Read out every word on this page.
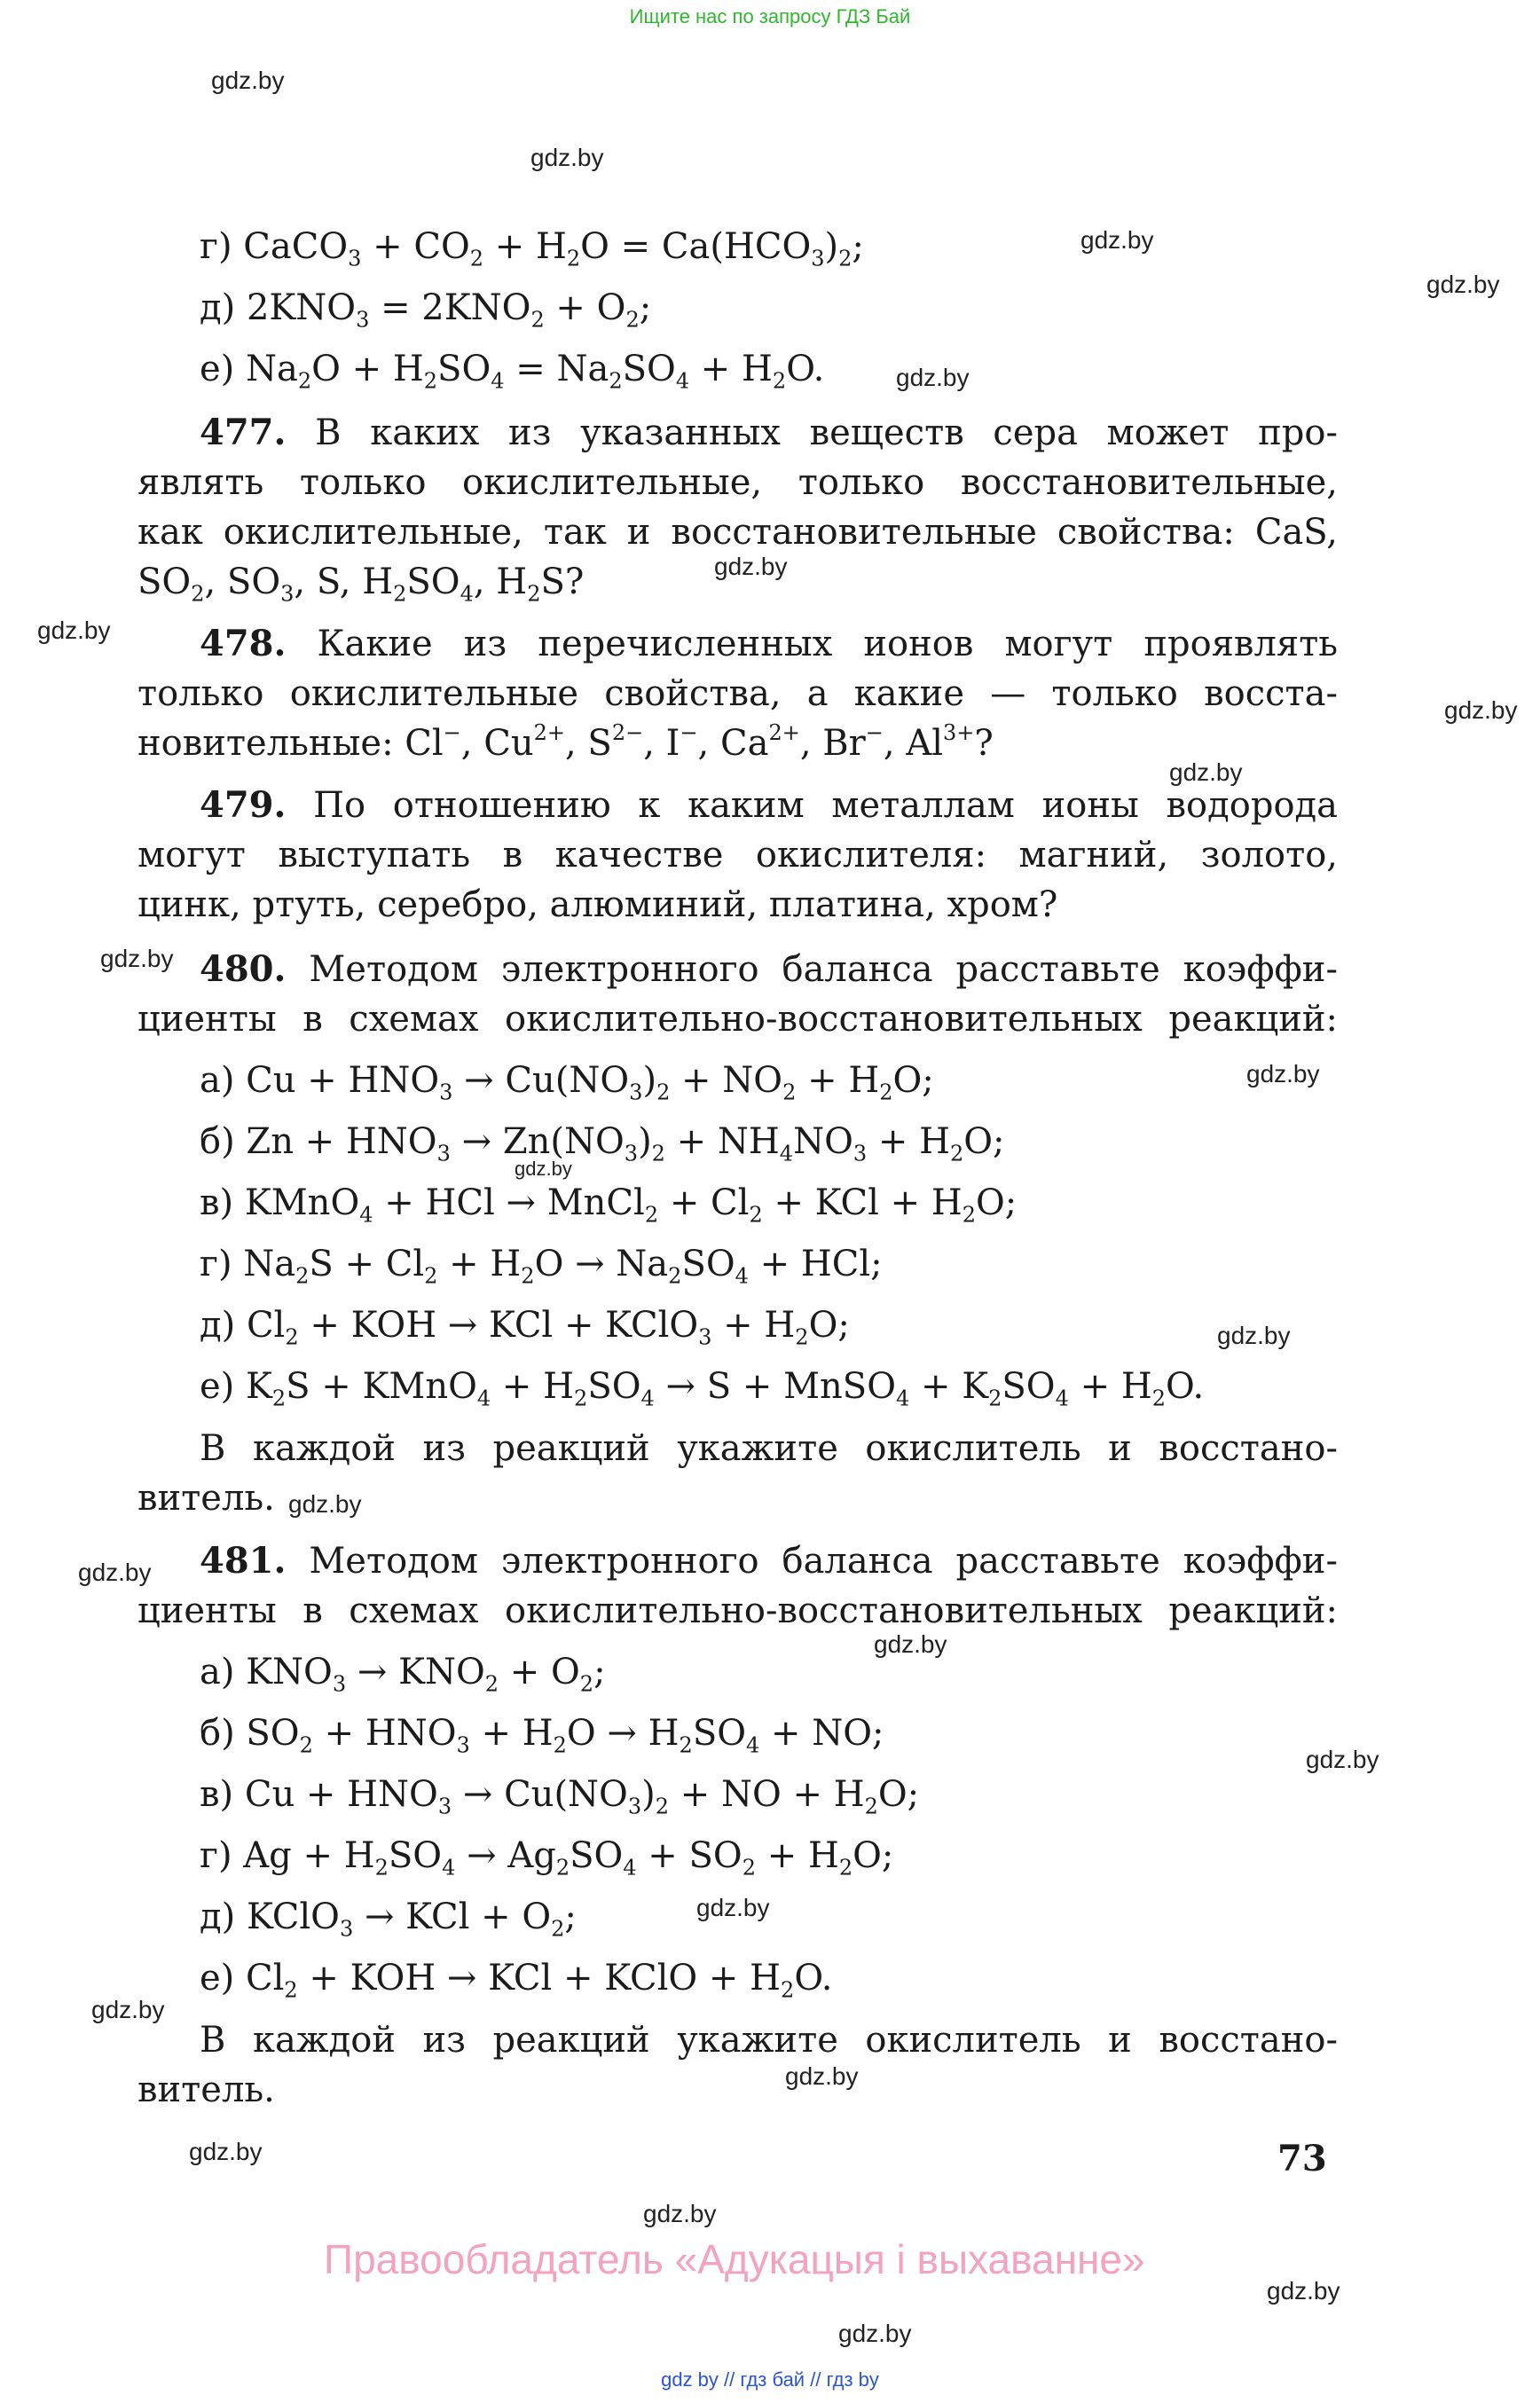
Ищите нас по запросу ГДЗ Бай
gdz.by
gdz.by
gdz.by
gdz.by
gdz.by
gdz.by
gdz.by
gdz.by
gdz.by
gdz.by
gdz.by
gdz.by
gdz.by
gdz.by
gdz.by
gdz.by
gdz.by
gdz.by
gdz.by
gdz.by
gdz.by
gdz.by
gdz.by
gdz.by
г) CaCO$_3$ + $CO_2 + H_2O = Ca(HCO_3)_2$;
д) $2KNO_3 = 2KNO_2 + O_2$;
е) $Na_2O + H_2SO_4 = Na_2SO_4 + H_2O$.
477. В каких из указанных веществ сера может про-
являть только окислительные, только восстановительные,
как окислительные, так и восстановительные свойства: CaS,
$SO_2$, $SO_3$, S, $H_2SO_4$, $H_2S$?
478. Какие из перечисленных ионов могут проявлять
только окислительные свойства, а какие — только восста-
новительные: Cl−, $Cu^{2+}$, $S^{2-}$, I−, $Ca^{2+}$, Br−, $Al^{3+}$?
479. По отношению к каким металлам ионы водорода
могут выступать в качестве окислителя: магний, золото,
цинк, ртуть, серебро, алюминий, платина, хром?
480. Методом электронного баланса расставьте коэффи-
циенты в схемах окислительно-восстановительных реакций:
а) $Cu + HNO_3 \to Cu(NO_3)_2 + NO_2 + H_2O$;
б) $Zn + HNO_3 \to Zn(NO_3)_2 + NH_4NO_3 + H_2O$;
в) KMnO$_4$ + HCl → MnCl$_2$ + $Cl_2$ + KCl + $H_2O$;
г) $Na_2S + Cl_2 + H_2O \to Na_2SO_4$ + HCl;
д) $Cl_2$ + KOH → KCl + KClO$_3$ + $H_2O$;
е) $K_2S$ + KMnO$_4$ + $H_2SO_4 \to S$ + MnSO$_4$ + $K_2SO_4 + H_2O$.
В каждой из реакций укажите окислитель и восстано-
витель.
481. Методом электронного баланса расставьте коэффи-
циенты в схемах окислительно-восстановительных реакций:
а) $KNO_3 \to KNO_2 + O_2$;
б) $SO_2 + HNO_3 + H_2O \to H_2SO_4$ + NO;
в) $Cu + HNO_3 \to Cu(NO_3)_2$ + NO + $H_2O$;
г) $Ag + H_2SO_4 \to Ag_2SO_4 + SO_2 + H_2O$;
д) KClO$_3$ → KCl + $O_2$;
е) $Cl_2$ + KOH → KCl + KClO + $H_2O$.
В каждой из реакций укажите окислитель и восстано-
витель.
73
Правообладатель «Адукацыя і выхаванне»
gdz by // гдз бай // гдз by
